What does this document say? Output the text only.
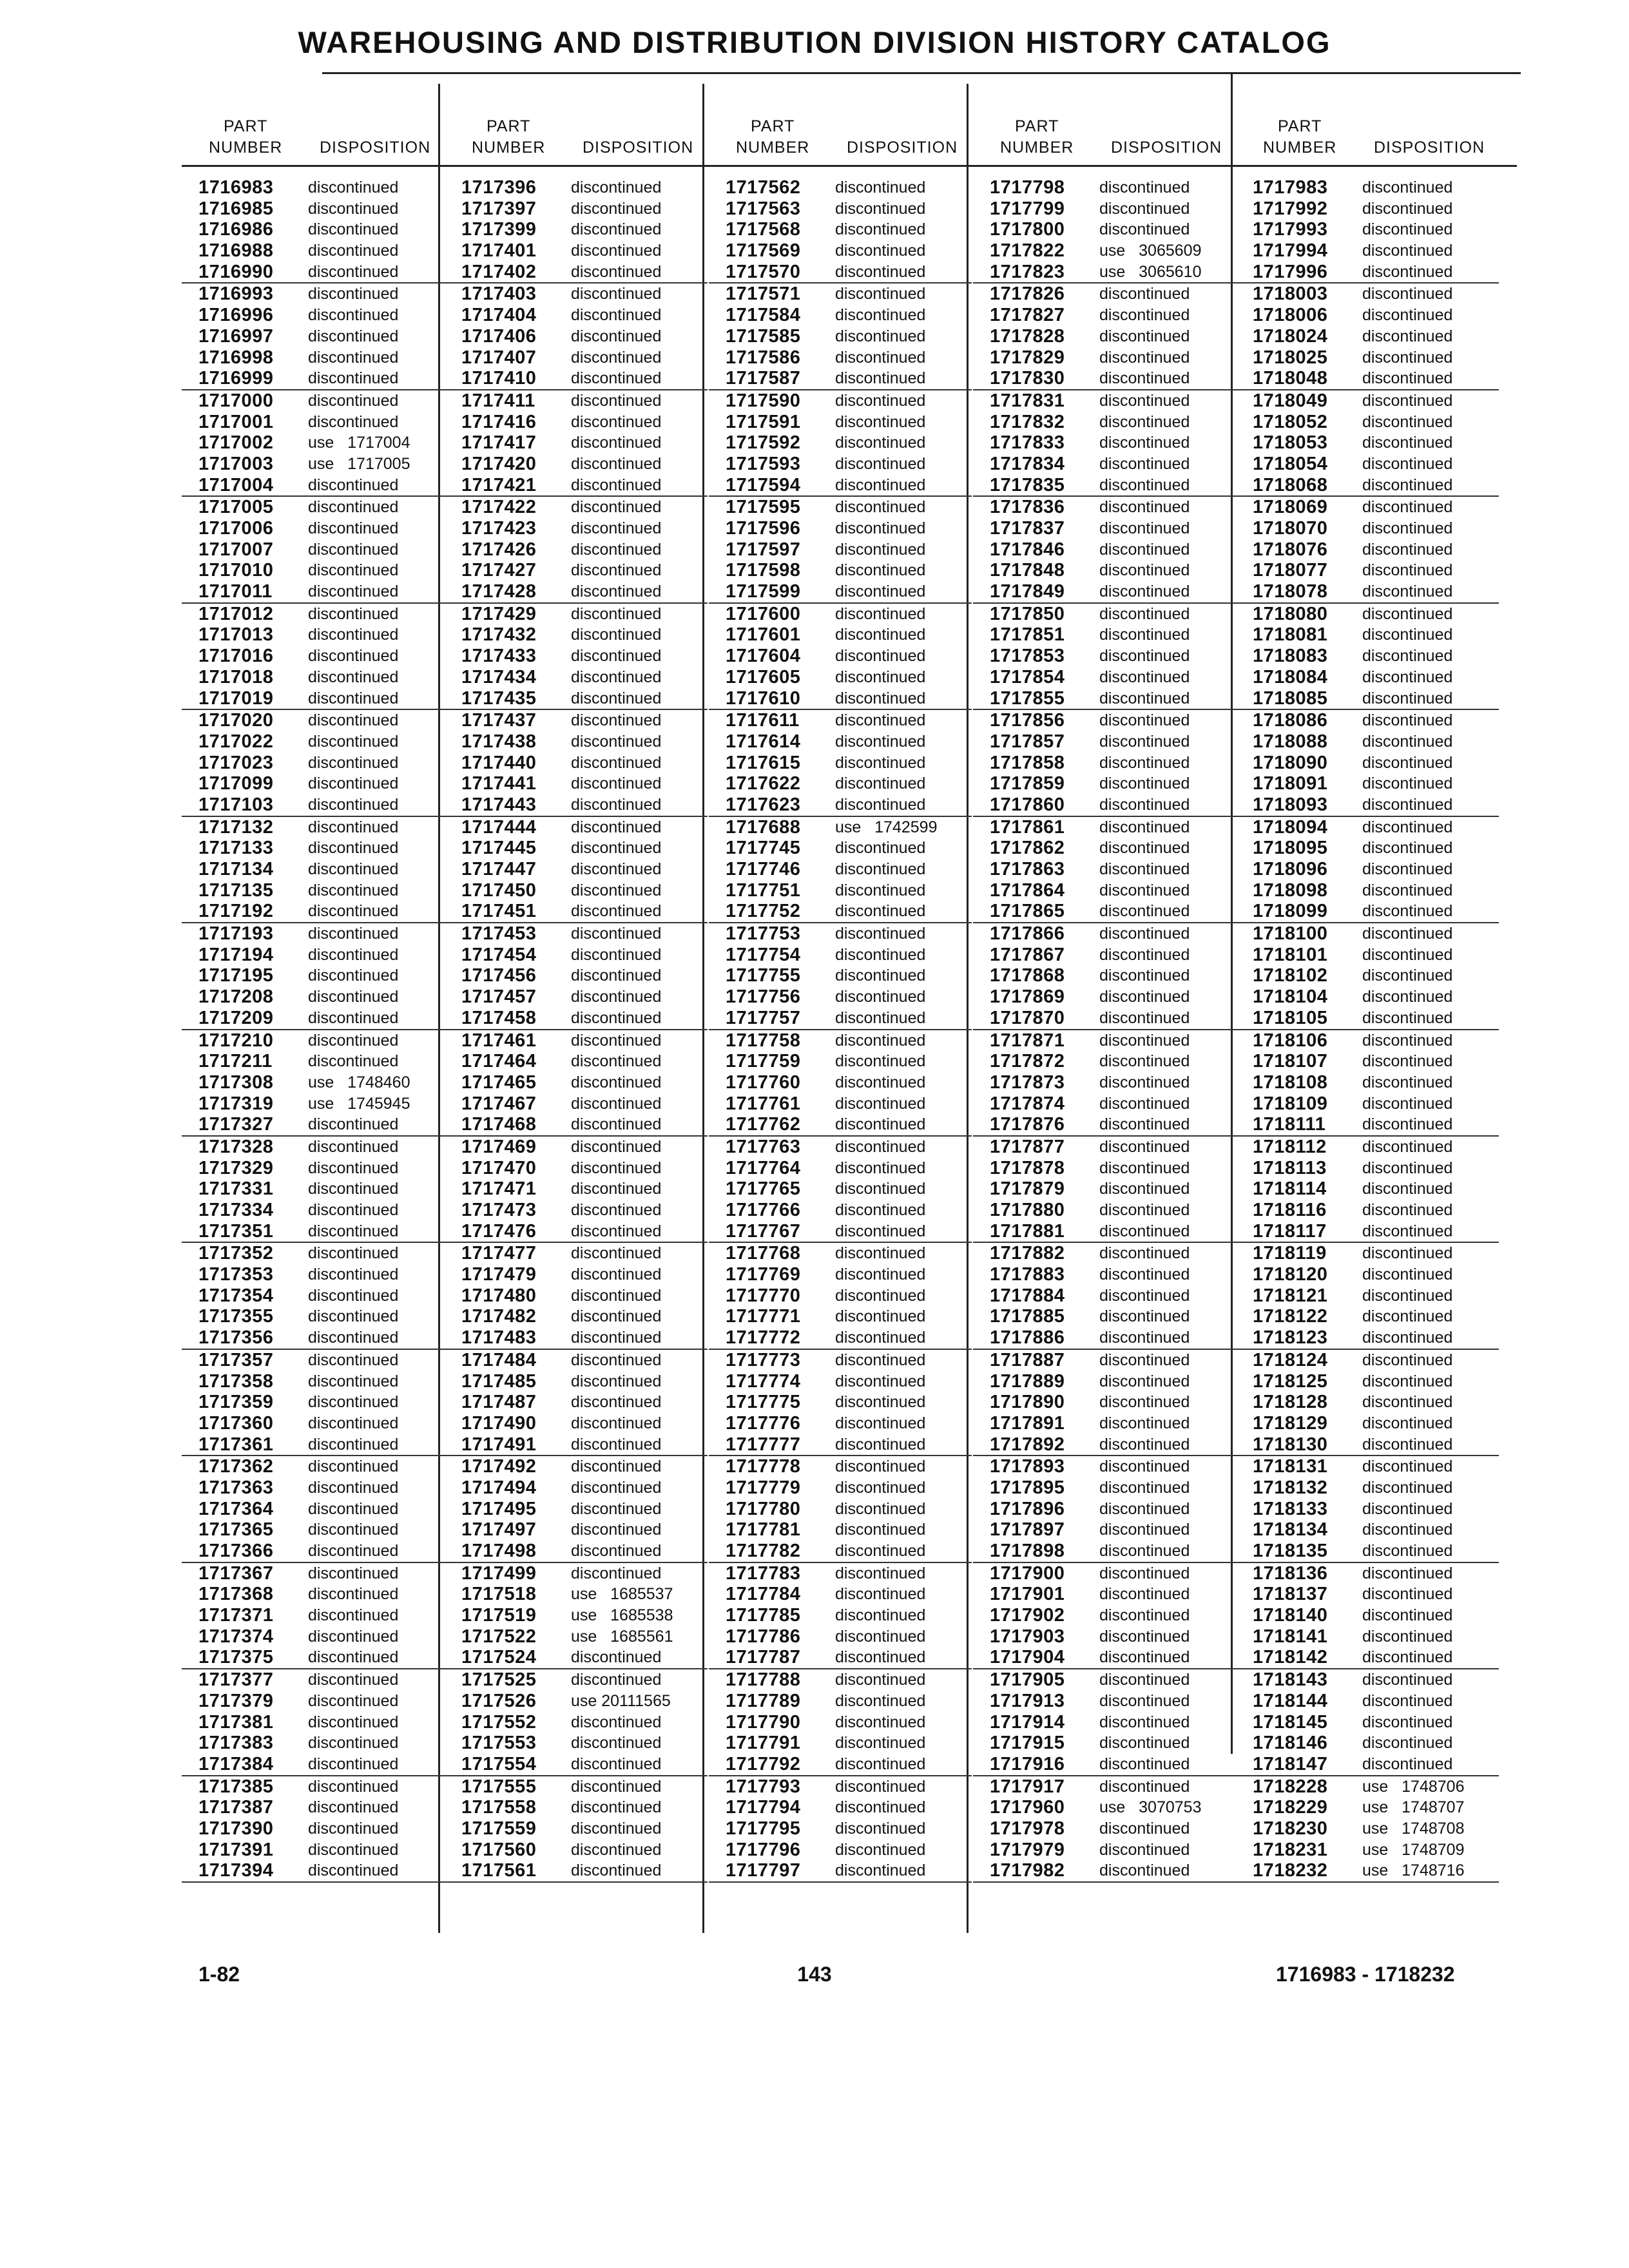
WAREHOUSING AND DISTRIBUTION DIVISION HISTORY CATALOG
PART
NUMBER DISPOSITION
1716983 discontinued
1716985 discontinued
1716986 discontinued
1716988 discontinued
1716990 discontinued
1716993 discontinued
1716996 discontinued
1716997 discontinued
1716998 discontinued
1716999 discontinued
1717000 discontinued
1717001 discontinued
1717002 use   1717004
1717003 use   1717005
1717004 discontinued
1717005 discontinued
1717006 discontinued
1717007 discontinued
1717010 discontinued
1717011 discontinued
1717012 discontinued
1717013 discontinued
1717016 discontinued
1717018 discontinued
1717019 discontinued
1717020 discontinued
1717022 discontinued
1717023 discontinued
1717099 discontinued
1717103 discontinued
1717132 discontinued
1717133 discontinued
1717134 discontinued
1717135 discontinued
1717192 discontinued
1717193 discontinued
1717194 discontinued
1717195 discontinued
1717208 discontinued
1717209 discontinued
1717210 discontinued
1717211 discontinued
1717308 use   1748460
1717319 use   1745945
1717327 discontinued
1717328 discontinued
1717329 discontinued
1717331 discontinued
1717334 discontinued
1717351 discontinued
1717352 discontinued
1717353 discontinued
1717354 discontinued
1717355 discontinued
1717356 discontinued
1717357 discontinued
1717358 discontinued
1717359 discontinued
1717360 discontinued
1717361 discontinued
1717362 discontinued
1717363 discontinued
1717364 discontinued
1717365 discontinued
1717366 discontinued
1717367 discontinued
1717368 discontinued
1717371 discontinued
1717374 discontinued
1717375 discontinued
1717377 discontinued
1717379 discontinued
1717381 discontinued
1717383 discontinued
1717384 discontinued
1717385 discontinued
1717387 discontinued
1717390 discontinued
1717391 discontinued
1717394 discontinued
PART
NUMBER DISPOSITION
1717396 discontinued
1717397 discontinued
1717399 discontinued
1717401 discontinued
1717402 discontinued
1717403 discontinued
1717404 discontinued
1717406 discontinued
1717407 discontinued
1717410 discontinued
1717411 discontinued
1717416 discontinued
1717417 discontinued
1717420 discontinued
1717421 discontinued
1717422 discontinued
1717423 discontinued
1717426 discontinued
1717427 discontinued
1717428 discontinued
1717429 discontinued
1717432 discontinued
1717433 discontinued
1717434 discontinued
1717435 discontinued
1717437 discontinued
1717438 discontinued
1717440 discontinued
1717441 discontinued
1717443 discontinued
1717444 discontinued
1717445 discontinued
1717447 discontinued
1717450 discontinued
1717451 discontinued
1717453 discontinued
1717454 discontinued
1717456 discontinued
1717457 discontinued
1717458 discontinued
1717461 discontinued
1717464 discontinued
1717465 discontinued
1717467 discontinued
1717468 discontinued
1717469 discontinued
1717470 discontinued
1717471 discontinued
1717473 discontinued
1717476 discontinued
1717477 discontinued
1717479 discontinued
1717480 discontinued
1717482 discontinued
1717483 discontinued
1717484 discontinued
1717485 discontinued
1717487 discontinued
1717490 discontinued
1717491 discontinued
1717492 discontinued
1717494 discontinued
1717495 discontinued
1717497 discontinued
1717498 discontinued
1717499 discontinued
1717518 use   1685537
1717519 use   1685538
1717522 use   1685561
1717524 discontinued
1717525 discontinued
1717526 use 20111565
1717552 discontinued
1717553 discontinued
1717554 discontinued
1717555 discontinued
1717558 discontinued
1717559 discontinued
1717560 discontinued
1717561 discontinued
PART
NUMBER DISPOSITION
1717562 discontinued
1717563 discontinued
1717568 discontinued
1717569 discontinued
1717570 discontinued
1717571 discontinued
1717584 discontinued
1717585 discontinued
1717586 discontinued
1717587 discontinued
1717590 discontinued
1717591 discontinued
1717592 discontinued
1717593 discontinued
1717594 discontinued
1717595 discontinued
1717596 discontinued
1717597 discontinued
1717598 discontinued
1717599 discontinued
1717600 discontinued
1717601 discontinued
1717604 discontinued
1717605 discontinued
1717610 discontinued
1717611 discontinued
1717614 discontinued
1717615 discontinued
1717622 discontinued
1717623 discontinued
1717688 use   1742599
1717745 discontinued
1717746 discontinued
1717751 discontinued
1717752 discontinued
1717753 discontinued
1717754 discontinued
1717755 discontinued
1717756 discontinued
1717757 discontinued
1717758 discontinued
1717759 discontinued
1717760 discontinued
1717761 discontinued
1717762 discontinued
1717763 discontinued
1717764 discontinued
1717765 discontinued
1717766 discontinued
1717767 discontinued
1717768 discontinued
1717769 discontinued
1717770 discontinued
1717771 discontinued
1717772 discontinued
1717773 discontinued
1717774 discontinued
1717775 discontinued
1717776 discontinued
1717777 discontinued
1717778 discontinued
1717779 discontinued
1717780 discontinued
1717781 discontinued
1717782 discontinued
1717783 discontinued
1717784 discontinued
1717785 discontinued
1717786 discontinued
1717787 discontinued
1717788 discontinued
1717789 discontinued
1717790 discontinued
1717791 discontinued
1717792 discontinued
1717793 discontinued
1717794 discontinued
1717795 discontinued
1717796 discontinued
1717797 discontinued
PART
NUMBER DISPOSITION
1717798 discontinued
1717799 discontinued
1717800 discontinued
1717822 use   3065609
1717823 use   3065610
1717826 discontinued
1717827 discontinued
1717828 discontinued
1717829 discontinued
1717830 discontinued
1717831 discontinued
1717832 discontinued
1717833 discontinued
1717834 discontinued
1717835 discontinued
1717836 discontinued
1717837 discontinued
1717846 discontinued
1717848 discontinued
1717849 discontinued
1717850 discontinued
1717851 discontinued
1717853 discontinued
1717854 discontinued
1717855 discontinued
1717856 discontinued
1717857 discontinued
1717858 discontinued
1717859 discontinued
1717860 discontinued
1717861 discontinued
1717862 discontinued
1717863 discontinued
1717864 discontinued
1717865 discontinued
1717866 discontinued
1717867 discontinued
1717868 discontinued
1717869 discontinued
1717870 discontinued
1717871 discontinued
1717872 discontinued
1717873 discontinued
1717874 discontinued
1717876 discontinued
1717877 discontinued
1717878 discontinued
1717879 discontinued
1717880 discontinued
1717881 discontinued
1717882 discontinued
1717883 discontinued
1717884 discontinued
1717885 discontinued
1717886 discontinued
1717887 discontinued
1717889 discontinued
1717890 discontinued
1717891 discontinued
1717892 discontinued
1717893 discontinued
1717895 discontinued
1717896 discontinued
1717897 discontinued
1717898 discontinued
1717900 discontinued
1717901 discontinued
1717902 discontinued
1717903 discontinued
1717904 discontinued
1717905 discontinued
1717913 discontinued
1717914 discontinued
1717915 discontinued
1717916 discontinued
1717917 discontinued
1717960 use   3070753
1717978 discontinued
1717979 discontinued
1717982 discontinued
PART
NUMBER DISPOSITION
1717983 discontinued
1717992 discontinued
1717993 discontinued
1717994 discontinued
1717996 discontinued
1718003 discontinued
1718006 discontinued
1718024 discontinued
1718025 discontinued
1718048 discontinued
1718049 discontinued
1718052 discontinued
1718053 discontinued
1718054 discontinued
1718068 discontinued
1718069 discontinued
1718070 discontinued
1718076 discontinued
1718077 discontinued
1718078 discontinued
1718080 discontinued
1718081 discontinued
1718083 discontinued
1718084 discontinued
1718085 discontinued
1718086 discontinued
1718088 discontinued
1718090 discontinued
1718091 discontinued
1718093 discontinued
1718094 discontinued
1718095 discontinued
1718096 discontinued
1718098 discontinued
1718099 discontinued
1718100 discontinued
1718101 discontinued
1718102 discontinued
1718104 discontinued
1718105 discontinued
1718106 discontinued
1718107 discontinued
1718108 discontinued
1718109 discontinued
1718111 discontinued
1718112 discontinued
1718113 discontinued
1718114 discontinued
1718116 discontinued
1718117 discontinued
1718119 discontinued
1718120 discontinued
1718121 discontinued
1718122 discontinued
1718123 discontinued
1718124 discontinued
1718125 discontinued
1718128 discontinued
1718129 discontinued
1718130 discontinued
1718131 discontinued
1718132 discontinued
1718133 discontinued
1718134 discontinued
1718135 discontinued
1718136 discontinued
1718137 discontinued
1718140 discontinued
1718141 discontinued
1718142 discontinued
1718143 discontinued
1718144 discontinued
1718145 discontinued
1718146 discontinued
1718147 discontinued
1718228 use   1748706
1718229 use   1748707
1718230 use   1748708
1718231 use   1748709
1718232 use   1748716
1-82	143	1716983 - 1718232
